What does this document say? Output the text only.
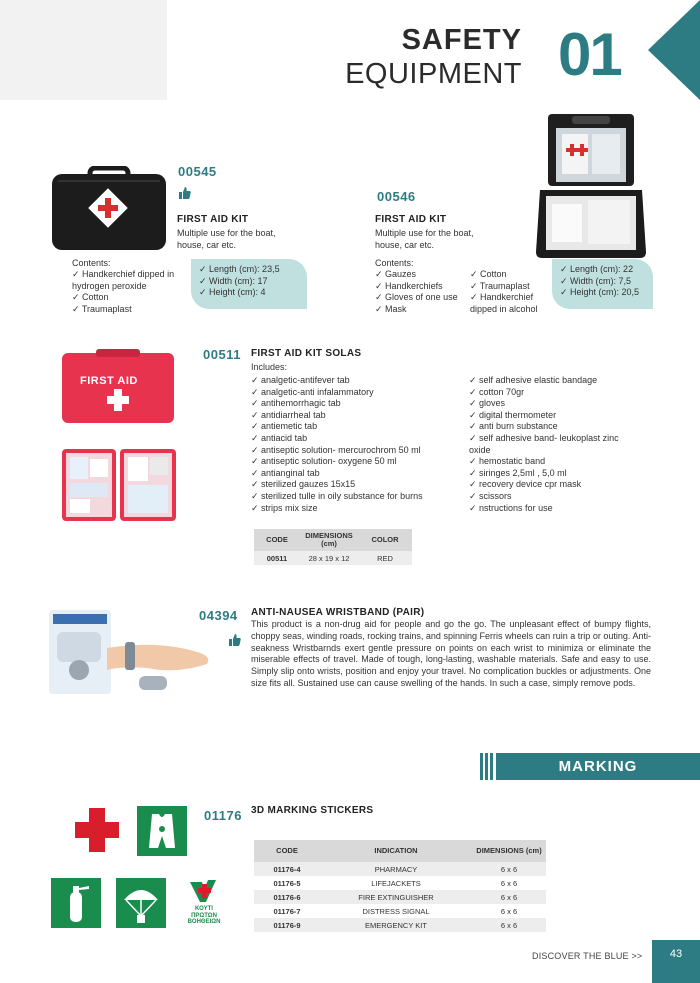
SAFETY
EQUIPMENT 01
00545
FIRST AID KIT
Multiple use for the boat,
house, car etc.
Contents:
✓ Handkerchief dipped in
hydrogen peroxide
✓ Cotton
✓ Traumaplast
✓ Length (cm): 23,5
✓ Width (cm): 17
✓ Height (cm): 4
00546
FIRST AID KIT
Multiple use for the boat,
house, car etc.
Contents:
✓ Gauzes
✓ Handkerchiefs
✓ Gloves of one use
✓ Mask
✓ Cotton
✓ Traumaplast
✓ Handkerchief
dipped in alcohol
✓ Length (cm): 22
✓ Width (cm): 7,5
✓ Height (cm): 20,5
FIRST AID
00511 FIRST AID KIT SOLAS
Includes:
✓ analgetic-antifever tab
✓ analgetic-anti infalammatory
✓ antihemorrhagic tab
✓ antidiarrheal tab
✓ antiemetic tab
✓ antiacid tab
✓ antiseptic solution- mercurochrom 50 ml
✓ antiseptic solution- oxygene 50 ml
✓ antianginal tab
✓ sterilized gauzes 15x15
✓ sterilized tulle in oily substance for burns
✓ strips mix size
✓ self adhesive elastic bandage
✓ cotton 70gr
✓ gloves
✓ digital thermometer
✓ anti burn substance
✓ self adhesive band- leukoplast zinc
oxide
✓ hemostatic band
✓ siringes 2,5ml , 5,0 ml
✓ recovery device cpr mask
✓ scissors
✓ nstructions for use
CODE	DIMENSIONS (cm)	COLOR
00511	28 x 19 x 12	RED
04394 ANTI-NAUSEA WRISTBAND (PAIR)
This product is a non-drug aid for people and go the go. The unpleasant effect of bumpy flights, choppy seas, winding roads, rocking trains, and spinning Ferris wheels can ruin a trip or outing. Anti-seakness Wristbarnds exert gentle pressure on points on each wrist to minimiza or eliminate the miserable effects of travel. Made of tough, long-lasting, washable materials. Safe and easy to use. Simply slip onto wrists, position and enjoy your travel. No complication buckles or adjustments. One size fits all. Sustained use can cause swelling of the hands. In such a case, simply remove pods.
MARKING
ΚΟΥΤΙ
ΠΡΩΤΩΝ
ΒΟΗΘΕΙΩΝ
01176 3D MARKING STICKERS
CODE	INDICATION	DIMENSIONS (cm)
01176-4	PHARMACY	6 x 6
01176-5	LIFEJACKETS	6 x 6
01176-6	FIRE EXTINGUISHER	6 x 6
01176-7	DISTRESS SIGNAL	6 x 6
01176-9	EMERGENCY KIT	6 x 6
DISCOVER THE BLUE >>	43
